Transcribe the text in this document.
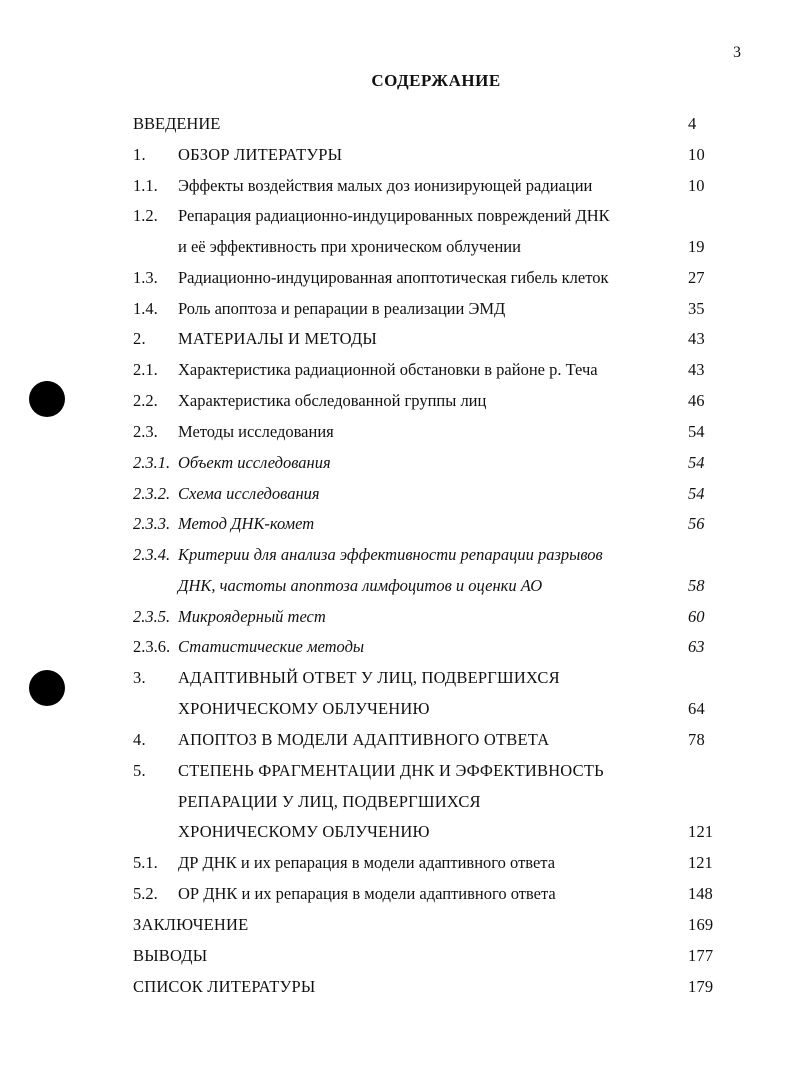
3
СОДЕРЖАНИЕ
ВВЕДЕНИЕ	4
1. ОБЗОР ЛИТЕРАТУРЫ	10
1.1. Эффекты воздействия малых доз ионизирующей радиации	10
1.2. Репарация радиационно-индуцированных повреждений ДНК
и её эффективность при хроническом облучении	19
1.3. Радиационно-индуцированная апоптотическая гибель клеток	27
1.4. Роль апоптоза и репарации в реализации ЭМД	35
2. МАТЕРИАЛЫ И МЕТОДЫ	43
2.1. Характеристика радиационной обстановки в районе р. Теча	43
2.2. Характеристика обследованной группы лиц	46
2.3. Методы исследования	54
2.3.1. Объект исследования	54
2.3.2. Схема исследования	54
2.3.3. Метод ДНК-комет	56
2.3.4. Критерии для анализа эффективности репарации разрывов
ДНК, частоты апоптоза лимфоцитов и оценки АО	58
2.3.5. Микроядерный тест	60
2.3.6. Статистические методы	63
3. АДАПТИВНЫЙ ОТВЕТ У ЛИЦ, ПОДВЕРГШИХСЯ
ХРОНИЧЕСКОМУ ОБЛУЧЕНИЮ	64
4. АПОПТОЗ В МОДЕЛИ АДАПТИВНОГО ОТВЕТА	78
5. СТЕПЕНЬ ФРАГМЕНТАЦИИ ДНК И ЭФФЕКТИВНОСТЬ
РЕПАРАЦИИ У ЛИЦ, ПОДВЕРГШИХСЯ
ХРОНИЧЕСКОМУ ОБЛУЧЕНИЮ	121
5.1. ДР ДНК и их репарация в модели адаптивного ответа	121
5.2. ОР ДНК и их репарация в модели адаптивного ответа	148
ЗАКЛЮЧЕНИЕ	169
ВЫВОДЫ	177
СПИСОК ЛИТЕРАТУРЫ	179
